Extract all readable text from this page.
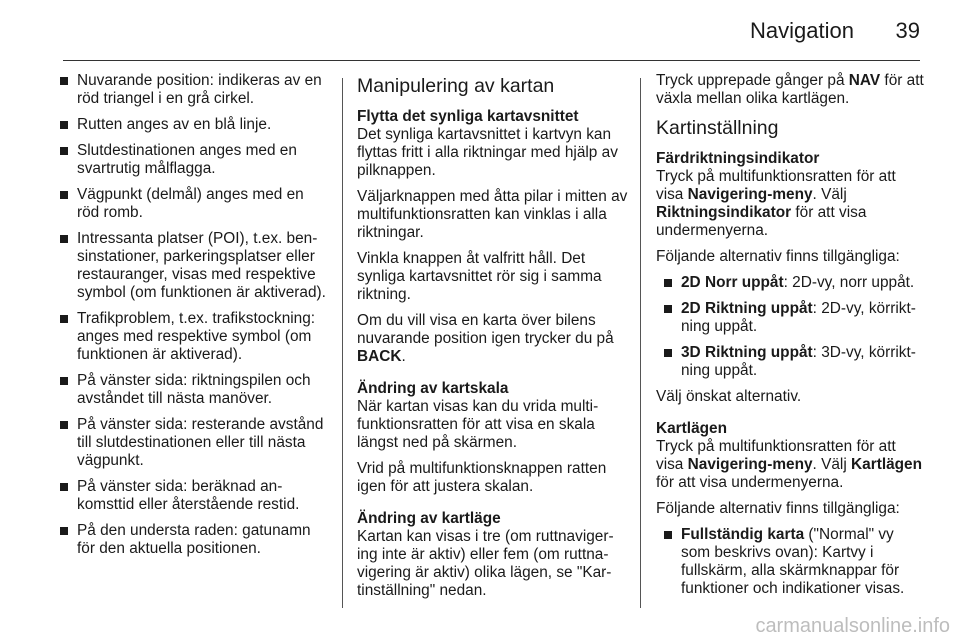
Navigation 39
Nuvarande position: indikeras av en röd triangel i en grå cirkel.
Rutten anges av en blå linje.
Slutdestinationen anges med en svartrutig målflagga.
Vägpunkt (delmål) anges med en röd romb.
Intressanta platser (POI), t.ex. bensinstationer, parkeringsplatser eller restauranger, visas med respektive symbol (om funktionen är aktiverad).
Trafikproblem, t.ex. trafikstockning: anges med respektive symbol (om funktionen är aktiverad).
På vänster sida: riktningspilen och avståndet till nästa manöver.
På vänster sida: resterande avstånd till slutdestinationen eller till nästa vägpunkt.
På vänster sida: beräknad ankomsttid eller återstående restid.
På den understa raden: gatunamn för den aktuella positionen.
Manipulering av kartan
Flytta det synliga kartavsnittet

Det synliga kartavsnittet i kartvyn kan flyttas fritt i alla riktningar med hjälp av pilknappen.

Väljarknappen med åtta pilar i mitten av multifunktionsratten kan vinklas i alla riktningar.

Vinkla knappen åt valfritt håll. Det synliga kartavsnittet rör sig i samma riktning.

Om du vill visa en karta över bilens nuvarande position igen trycker du på BACK.

Ändring av kartskala

När kartan visas kan du vrida multifunktionsratten för att visa en skala längst ned på skärmen.

Vrid på multifunktionsknappen ratten igen för att justera skalan.

Ändring av kartläge

Kartan kan visas i tre (om ruttnavigering inte är aktiv) eller fem (om ruttnavigering är aktiv) olika lägen, se "Kartinställning" nedan.

Tryck upprepade gånger på NAV för att växla mellan olika kartlägen.

Kartinställning
Färdriktningsindikator

Tryck på multifunktionsratten för att visa Navigering-meny. Välj Riktningsindikator för att visa undermenyerna.

Följande alternativ finns tillgängliga:

2D Norr uppåt: 2D-vy, norr uppåt.
2D Riktning uppåt: 2D-vy, körriktning uppåt.
3D Riktning uppåt: 3D-vy, körriktning uppåt.

Välj önskat alternativ.

Kartlägen

Tryck på multifunktionsratten för att visa Navigering-meny. Välj Kartlägen för att visa undermenyerna.

Följande alternativ finns tillgängliga:

Fullständig karta ("Normal" vy som beskrivs ovan): Kartvy i fullskärm, alla skärmknappar för funktioner och indikationer visas.
carmanualsonline.info
